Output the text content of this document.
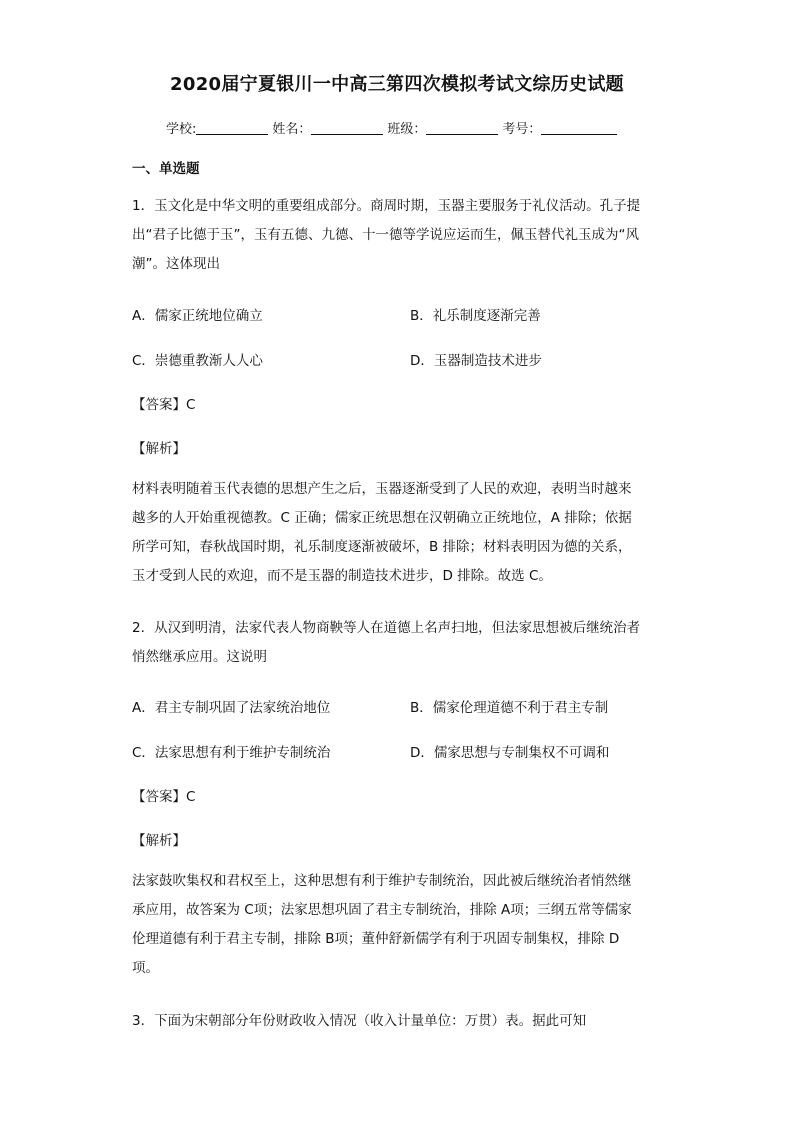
2020届宁夏银川一中高三第四次模拟考试文综历史试题
学校:	姓名：	班级：	考号：
一、单选题
1．玉文化是中华文明的重要组成部分。商周时期，玉器主要服务于礼仪活动。孔子提
出“君子比德于玉”，玉有五德、九德、十一德等学说应运而生，佩玉替代礼玉成为“风
潮”。这体现出
A．儒家正统地位确立	B．礼乐制度逐渐完善
C．崇德重教渐人人心	D．玉器制造技术进步
【答案】C
【解析】
材料表明随着玉代表德的思想产生之后，玉器逐渐受到了人民的欢迎，表明当时越来
越多的人开始重视德教。C 正确；儒家正统思想在汉朝确立正统地位，A 排除；依据
所学可知，春秋战国时期，礼乐制度逐渐被破坏，B 排除；材料表明因为德的关系，
玉才受到人民的欢迎，而不是玉器的制造技术进步，D 排除。故选 C。
2．从汉到明清，法家代表人物商鞅等人在道德上名声扫地，但法家思想被后继统治者
悄然继承应用。这说明
A．君主专制巩固了法家统治地位	B．儒家伦理道德不利于君主专制
C．法家思想有利于维护专制统治	D．儒家思想与专制集权不可调和
【答案】C
【解析】
法家鼓吹集权和君权至上，这种思想有利于维护专制统治，因此被后继统治者悄然继
承应用，故答案为 C项；法家思想巩固了君主专制统治，排除 A项；三纲五常等儒家
伦理道德有利于君主专制，排除 B项；董仲舒新儒学有利于巩固专制集权，排除 D
项。
3．下面为宋朝部分年份财政收入情况（收入计量单位：万贯）表。据此可知
